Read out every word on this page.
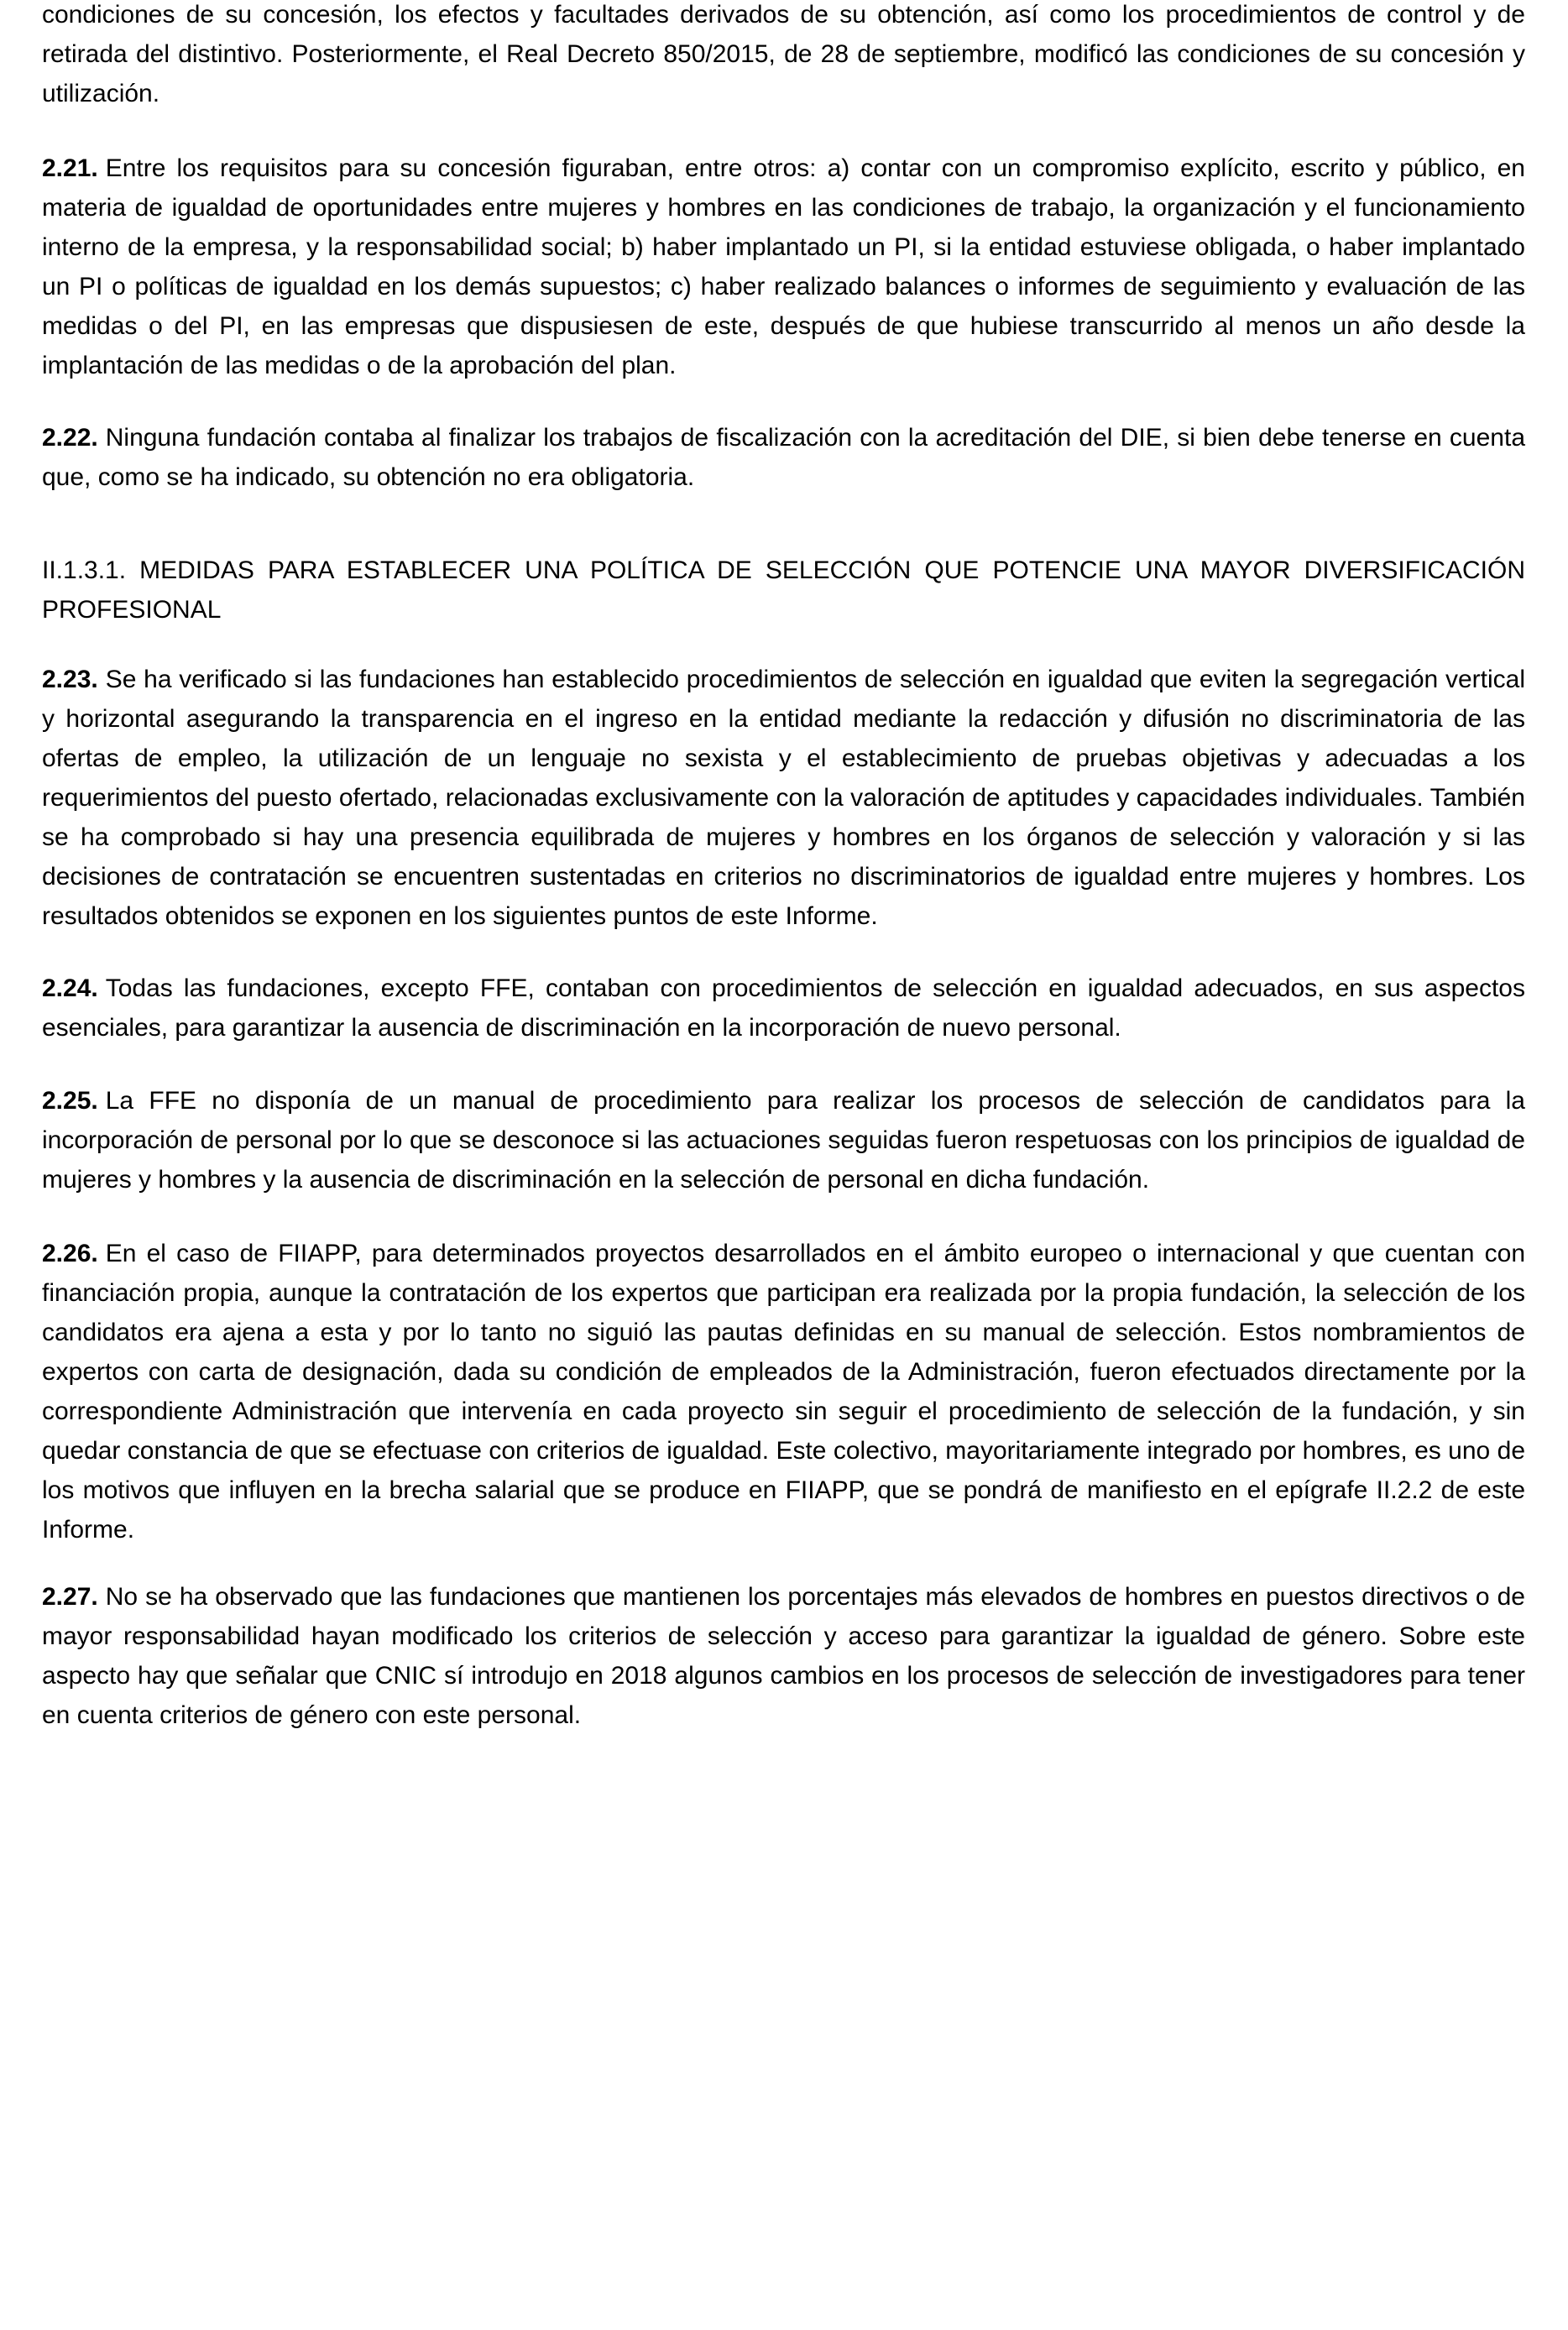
condiciones de su concesión, los efectos y facultades derivados de su obtención, así como los procedimientos de control y de retirada del distintivo. Posteriormente, el Real Decreto 850/2015, de 28 de septiembre, modificó las condiciones de su concesión y utilización.

2.21. Entre los requisitos para su concesión figuraban, entre otros: a) contar con un compromiso explícito, escrito y público, en materia de igualdad de oportunidades entre mujeres y hombres en las condiciones de trabajo, la organización y el funcionamiento interno de la empresa, y la responsabilidad social; b) haber implantado un PI, si la entidad estuviese obligada, o haber implantado un PI o políticas de igualdad en los demás supuestos; c) haber realizado balances o informes de seguimiento y evaluación de las medidas o del PI, en las empresas que dispusiesen de este, después de que hubiese transcurrido al menos un año desde la implantación de las medidas o de la aprobación del plan.

2.22. Ninguna fundación contaba al finalizar los trabajos de fiscalización con la acreditación del DIE, si bien debe tenerse en cuenta que, como se ha indicado, su obtención no era obligatoria.

II.1.3.1. MEDIDAS PARA ESTABLECER UNA POLÍTICA DE SELECCIÓN QUE POTENCIE UNA MAYOR DIVERSIFICACIÓN PROFESIONAL

2.23. Se ha verificado si las fundaciones han establecido procedimientos de selección en igualdad que eviten la segregación vertical y horizontal asegurando la transparencia en el ingreso en la entidad mediante la redacción y difusión no discriminatoria de las ofertas de empleo, la utilización de un lenguaje no sexista y el establecimiento de pruebas objetivas y adecuadas a los requerimientos del puesto ofertado, relacionadas exclusivamente con la valoración de aptitudes y capacidades individuales. También se ha comprobado si hay una presencia equilibrada de mujeres y hombres en los órganos de selección y valoración y si las decisiones de contratación se encuentren sustentadas en criterios no discriminatorios de igualdad entre mujeres y hombres. Los resultados obtenidos se exponen en los siguientes puntos de este Informe.

2.24. Todas las fundaciones, excepto FFE, contaban con procedimientos de selección en igualdad adecuados, en sus aspectos esenciales, para garantizar la ausencia de discriminación en la incorporación de nuevo personal.

2.25. La FFE no disponía de un manual de procedimiento para realizar los procesos de selección de candidatos para la incorporación de personal por lo que se desconoce si las actuaciones seguidas fueron respetuosas con los principios de igualdad de mujeres y hombres y la ausencia de discriminación en la selección de personal en dicha fundación.

2.26. En el caso de FIIAPP, para determinados proyectos desarrollados en el ámbito europeo o internacional y que cuentan con financiación propia, aunque la contratación de los expertos que participan era realizada por la propia fundación, la selección de los candidatos era ajena a esta y por lo tanto no siguió las pautas definidas en su manual de selección. Estos nombramientos de expertos con carta de designación, dada su condición de empleados de la Administración, fueron efectuados directamente por la correspondiente Administración que intervenía en cada proyecto sin seguir el procedimiento de selección de la fundación, y sin quedar constancia de que se efectuase con criterios de igualdad. Este colectivo, mayoritariamente integrado por hombres, es uno de los motivos que influyen en la brecha salarial que se produce en FIIAPP, que se pondrá de manifiesto en el epígrafe II.2.2 de este Informe.

2.27. No se ha observado que las fundaciones que mantienen los porcentajes más elevados de hombres en puestos directivos o de mayor responsabilidad hayan modificado los criterios de selección y acceso para garantizar la igualdad de género. Sobre este aspecto hay que señalar que CNIC sí introdujo en 2018 algunos cambios en los procesos de selección de investigadores para tener en cuenta criterios de género con este personal.
